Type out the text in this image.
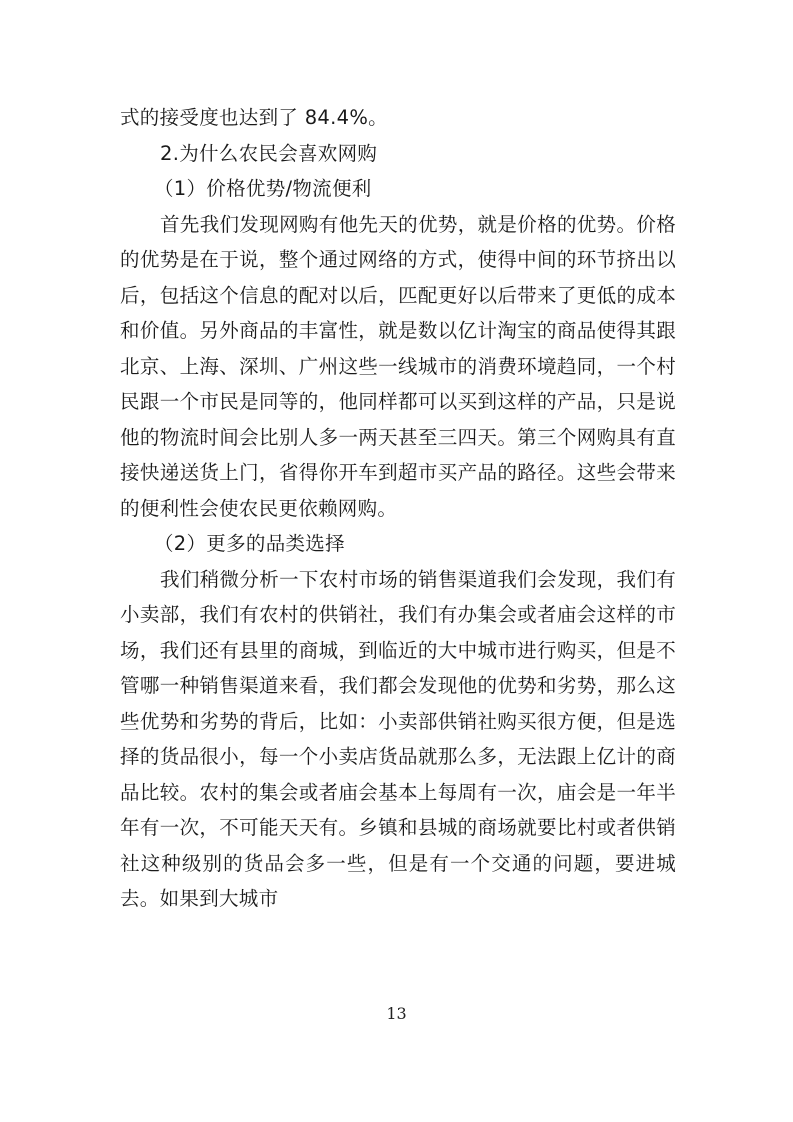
式的接受度也达到了 84.4%。

2.为什么农民会喜欢网购

（1）价格优势/物流便利

首先我们发现网购有他先天的优势，就是价格的优势。价格的优势是在于说，整个通过网络的方式，使得中间的环节挤出以后，包括这个信息的配对以后，匹配更好以后带来了更低的成本和价值。另外商品的丰富性，就是数以亿计淘宝的商品使得其跟北京、上海、深圳、广州这些一线城市的消费环境趋同，一个村民跟一个市民是同等的，他同样都可以买到这样的产品，只是说他的物流时间会比别人多一两天甚至三四天。第三个网购具有直接快递送货上门，省得你开车到超市买产品的路径。这些会带来的便利性会使农民更依赖网购。

（2）更多的品类选择

我们稍微分析一下农村市场的销售渠道我们会发现，我们有小卖部，我们有农村的供销社，我们有办集会或者庙会这样的市场，我们还有县里的商城，到临近的大中城市进行购买，但是不管哪一种销售渠道来看，我们都会发现他的优势和劣势，那么这些优势和劣势的背后，比如：小卖部供销社购买很方便，但是选择的货品很小，每一个小卖店货品就那么多，无法跟上亿计的商品比较。农村的集会或者庙会基本上每周有一次，庙会是一年半年有一次，不可能天天有。乡镇和县城的商场就要比村或者供销社这种级别的货品会多一些，但是有一个交通的问题，要进城去。如果到大城市

13
